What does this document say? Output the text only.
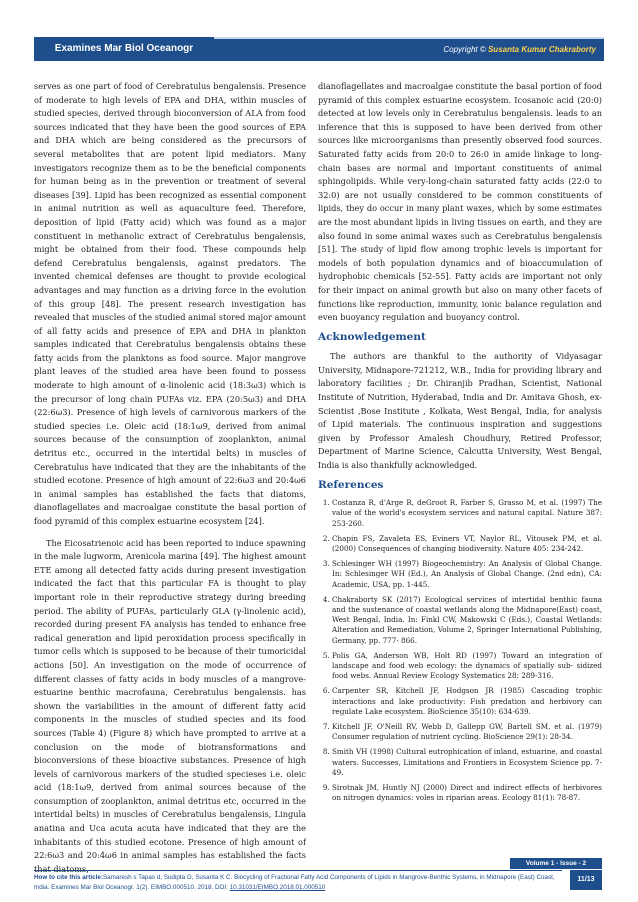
Examines Mar Biol Oceanogr	Copyright © Susanta Kumar Chakraborty

serves as one part of food of Cerebratulus bengalensis. Presence of moderate to high levels of EPA and DHA, within muscles of studied species, derived through bioconversion of ALA from food sources indicated that they have been the good sources of EPA and DHA which are being considered as the precursors of several metabolites that are potent lipid mediators. Many investigators recognize them as to be the beneficial components for human being as in the prevention or treatment of several diseases [39]. Lipid has been recognized as essential component in animal nutrition as well as aquaculture feed. Therefore, deposition of lipid (Fatty acid) which was found as a major constituent in methanolic extract of Cerebratulus bengalensis, might be obtained from their food. These compounds help defend Cerebratulus bengalensis, against predators. The invented chemical defenses are thought to provide ecological advantages and may function as a driving force in the evolution of this group [48]. The present research investigation has revealed that muscles of the studied animal stored major amount of all fatty acids and presence of EPA and DHA in plankton samples indicated that Cerebratulus bengalensis obtains these fatty acids from the planktons as food source. Major mangrove plant leaves of the studied area have been found to possess moderate to high amount of α-linolenic acid (18:3ω3) which is the precursor of long chain PUFAs viz. EPA (20:5ω3) and DHA (22:6ω3). Presence of high levels of carnivorous markers of the studied species i.e. Oleic acid (18:1ω9, derived from animal sources because of the consumption of zooplankton, animal detritus etc., occurred in the intertidal belts) in muscles of Cerebratulus have indicated that they are the inhabitants of the studied ecotone. Presence of high amount of 22:6ω3 and 20:4ω6 in animal samples has established the facts that diatoms, dianoflagellates and macroalgae constitute the basal portion of food pyramid of this complex estuarine ecosystem [24].

The Eicosatrienoic acid has been reported to induce spawning in the male lugworm, Arenicola marina [49]. The highest amount ETE among all detected fatty acids during present investigation indicated the fact that this particular FA is thought to play important role in their reproductive strategy during breeding period. The ability of PUFAs, particularly GLA (γ-linolenic acid), recorded during present FA analysis has tended to enhance free radical generation and lipid peroxidation process specifically in tumor cells which is supposed to be because of their tumoricidal actions [50]. An investigation on the mode of occurrence of different classes of fatty acids in body muscles of a mangrove- estuarine benthic macrofauna, Cerebratulus bengalensis. has shown the variabilities in the amount of different fatty acid components in the muscles of studied species and its food sources (Table 4) (Figure 8) which have prompted to arrive at a conclusion on the mode of biotransformations and bioconversions of these bioactive substances. Presence of high levels of carnivorous markers of the studied specieses i.e. oleic acid (18:1ω9, derived from animal sources because of the consumption of zooplankton, animal detritus etc, occurred in the intertidal belts) in muscles of Cerebratulus bengalensis, Lingula anatina and Uca acuta acuta have indicated that they are the inhabitants of this studied ecotone. Presence of high amount of 22:6ω3 and 20:4ω6 in animal samples has established the facts that diatoms,

dianoflagellates and macroalgae constitute the basal portion of food pyramid of this complex estuarine ecosystem. Icosanoic acid (20:0) detected at low levels only in Cerebratulus bengalensis. leads to an inference that this is supposed to have been derived from other sources like microorganisms than presently observed food sources. Saturated fatty acids from 20:0 to 26:0 in amide linkage to long-chain bases are normal and important constituents of animal sphingolipids. While very-long-chain saturated fatty acids (22:0 to 32:0) are not usually considered to be common constituents of lipids, they do occur in many plant waxes, which by some estimates are the most abundant lipids in living tissues on earth, and they are also found in some animal waxes such as Cerebratulus bengalensis [51]. The study of lipid flow among trophic levels is important for models of both population dynamics and of bioaccumulation of hydrophobic chemicals [52-55]. Fatty acids are important not only for their impact on animal growth but also on many other facets of functions like reproduction, immunity, ionic balance regulation and even buoyancy regulation and buoyancy control.

Acknowledgement

The authors are thankful to the authority of Vidyasagar University, Midnapore-721212, W.B., India for providing library and laboratory facilities ; Dr. Chiranjib Pradhan, Scientist, National Institute of Nutrition, Hyderabad, India and Dr. Amitava Ghosh, ex-Scientist ,Bose Institute , Kolkata, West Bengal, India, for analysis of Lipid materials. The continuous inspiration and suggestions given by Professor Amalesh Choudhury, Retired Professor, Department of Marine Science, Calcutta University, West Bengal, India is also thankfully acknowledged.

References
1. Costanza R, d'Arge R, deGroot R, Farber S, Grasso M, et al. (1997) The value of the world's ecosystem services and natural capital. Nature 387: 253-260.
2. Chapin FS, Zavaleta ES, Eviners VT, Naylor RL, Vitousek PM, et al. (2000) Consequences of changing biodiversity. Nature 405: 234-242.
3. Schlesinger WH (1997) Biogeochemistry: An Analysis of Global Change. In: Schlesinger WH (Ed.), An Analysis of Global Change. (2nd edn), CA: Academic, USA, pp. 1-445.
4. Chakraborty SK (2017) Ecological services of intertidal benthic fauna and the sustenance of coastal wetlands along the Midnapore(East) coast, West Bengal, India. In: Finkl CW, Makowski C (Eds.), Coastal Wetlands: Alteration and Remediation, Volume 2, Springer International Publishing, Germany, pp. 777- 866.
5. Polis GA, Anderson WB, Holt RD (1997) Toward an integration of landscape and food web ecology: the dynamics of spatially sub- sidized food webs. Annual Review Ecology Systematics 28: 289-316.
6. Carpenter SR, Kitchell JF, Hodgson JR (1985) Cascading trophic interactions and lake productivity: Fish predation and herbivory can regulate Lake ecosystem. BioScience 35(10): 634-639.
7. Kitchell JF, O'Neill RV, Webb D, Gallepp GW, Bartell SM, et al. (1979) Consumer regulation of nutrient cycling. BioScience 29(1): 28-34.
8. Smith VH (1998) Cultural eutrophication of inland, estuarine, and coastal waters. Successes, Limitations and Frontiers in Ecosystem Science pp. 7-49.
9. Sirotnak JM, Huntly NJ (2000) Direct and indirect effects of herbivores on nitrogen dynamics: voles in riparian areas. Ecology 81(1): 78-87.
Volume 1 - Issue - 2
How to cite this article:Samaresh s Tapas d, Sudipta G, Susanta K C. Biocycling of Fractional Fatty Acid Components of Lipids in Mangrove-Benthic Systems, in Midnapore (East) Coast, India. Examines Mar Biol Oceanogr. 1(2). EIMBO.000510. 2018. DOI: 10.31031/EIMBO.2018.01.000510
11/13
